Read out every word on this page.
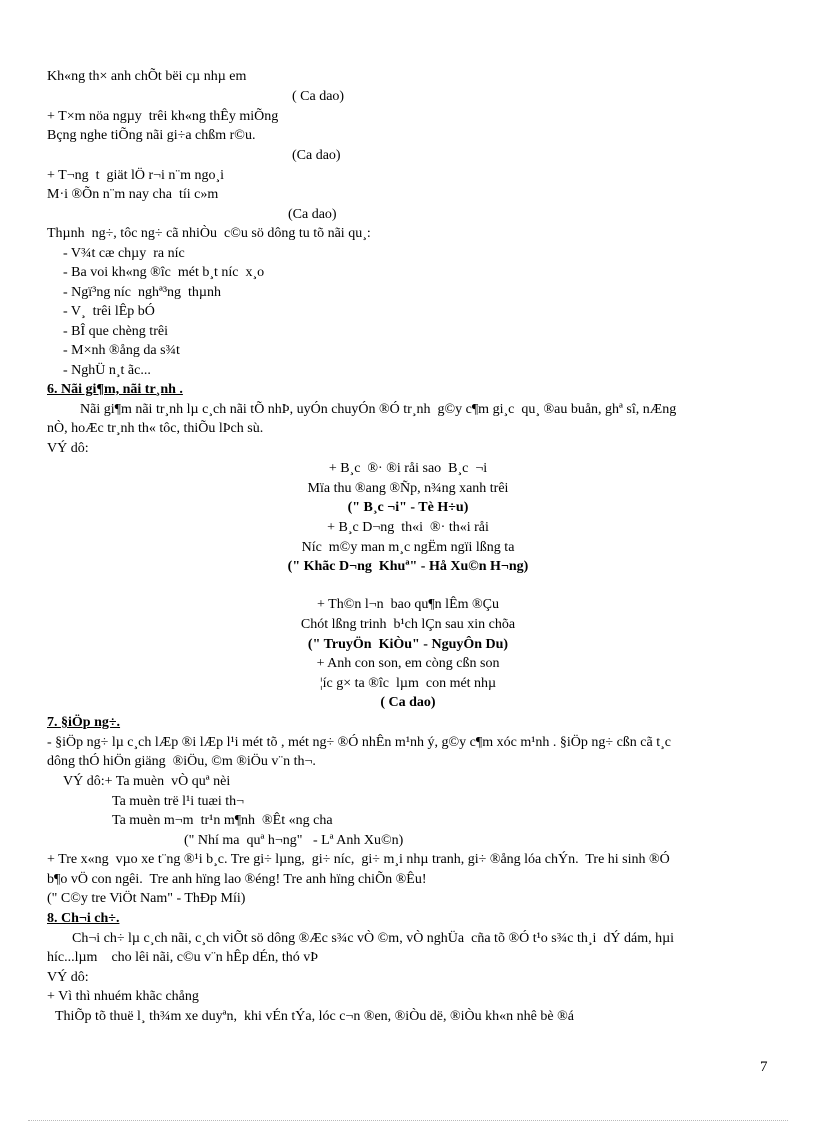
Kh«ng th× anh chÕt bëi cµ nhµ em
( Ca dao)
+ T×m nöa ngµy  trêi kh«ng thÊy miÕng
Bçng nghe tiÕng nãi gi÷a chßm r©u.
(Ca dao)
+ T¬ng  t  giät lÖ r¬i n¨m ngo¸i
M·i ®Õn n¨m nay cha  tíi c»m
(Ca dao)
Thµnh  ng÷, tôc ng÷ cã nhiÒu  c©u sö dông tu tõ nãi qu¸:
- V¾t cæ chµy  ra níc
- Ba voi kh«ng ®îc  mét b¸t níc  x¸o
- Ngï³ng níc  nghª³ng  thµnh
- V¸  trêi lÊp bÓ
- BÎ que chèng trêi
- M×nh ®ång da s¾t
- NghÜ n¸t ãc...
6. Nãi gi¶m, nãi tr¸nh .
Nãi gi¶m nãi tr¸nh lµ c¸ch nãi tÕ nhÞ, uyÓn chuyÓn ®Ó tr¸nh  g©y c¶m gi¸c  qu¸ ®au buån, ghª sî, nÆng
nÒ, hoÆc tr¸nh th« tôc, thiÕu lÞch sù.
VÝ dô:
+ B¸c  ®· ®i råi sao  B¸c  ¬i
Mïa thu ®ang ®Ñp, n¾ng xanh trêi
(" B¸c ¬i" - Tè H÷u)
+ B¸c D¬ng  th«i  ®· th«i råi
Níc  m©y man m¸c ngËm ngïi lßng ta
(" Khãc D¬ng  Khuª" - Hå Xu©n H¬ng)
+ Th©n l¬n  bao qu¶n lÊm ®Çu
Chót lßng trinh  b¹ch lÇn sau xin chõa
(" TruyÖn  KiÒu" - NguyÔn Du)
+ Anh con son, em còng cßn son
¦íc g× ta ®îc  lµm  con mét nhµ
( Ca dao)
7. §iÖp ng÷.
- §iÖp ng÷ lµ c¸ch lÆp ®i lÆp l¹i mét tõ , mét ng÷ ®Ó nhÊn m¹nh ý, g©y c¶m xóc m¹nh . §iÖp ng÷ cßn cã t¸c
dông thÓ hiÖn giäng  ®iÖu, ©m ®iÖu v¨n th¬.
VÝ dô:+ Ta muèn  vÒ quª nèi
Ta muèn trë l¹i tuæi th¬
Ta muèn m¬m  tr¹n m¶nh  ®Êt «ng cha
(" Nhí ma  quª h¬ng"   - Lª Anh Xu©n)
+ Tre x«ng  vµo xe t¨ng ®¹i b¸c. Tre gi÷ lµng,  gi÷ níc,  gi÷ m¸i nhµ tranh, gi÷ ®ång lóa chÝn.  Tre hi sinh ®Ó
b¶o vÖ con ngêi.  Tre anh hïng lao ®éng! Tre anh hïng chiÕn ®Êu!
(" C©y tre ViÖt Nam" - ThÐp Míi)
8. Ch¬i ch÷.
Ch¬i ch÷ lµ c¸ch nãi, c¸ch viÕt sö dông ®Æc s¾c vÒ ©m, vÒ nghÜa  cña tõ ®Ó t¹o s¾c th¸i  dÝ dám, hµi
híc...lµm    cho lêi nãi, c©u v¨n hÊp dÉn, thó vÞ
VÝ dô:
+ Vì thì nhuém khãc chång
ThiÕp tõ thuë l¸ th¾m xe duyªn,  khi vÉn tÝa, lóc c¬n ®en, ®iÒu dë, ®iÒu kh«n nhê bè ®á
7
